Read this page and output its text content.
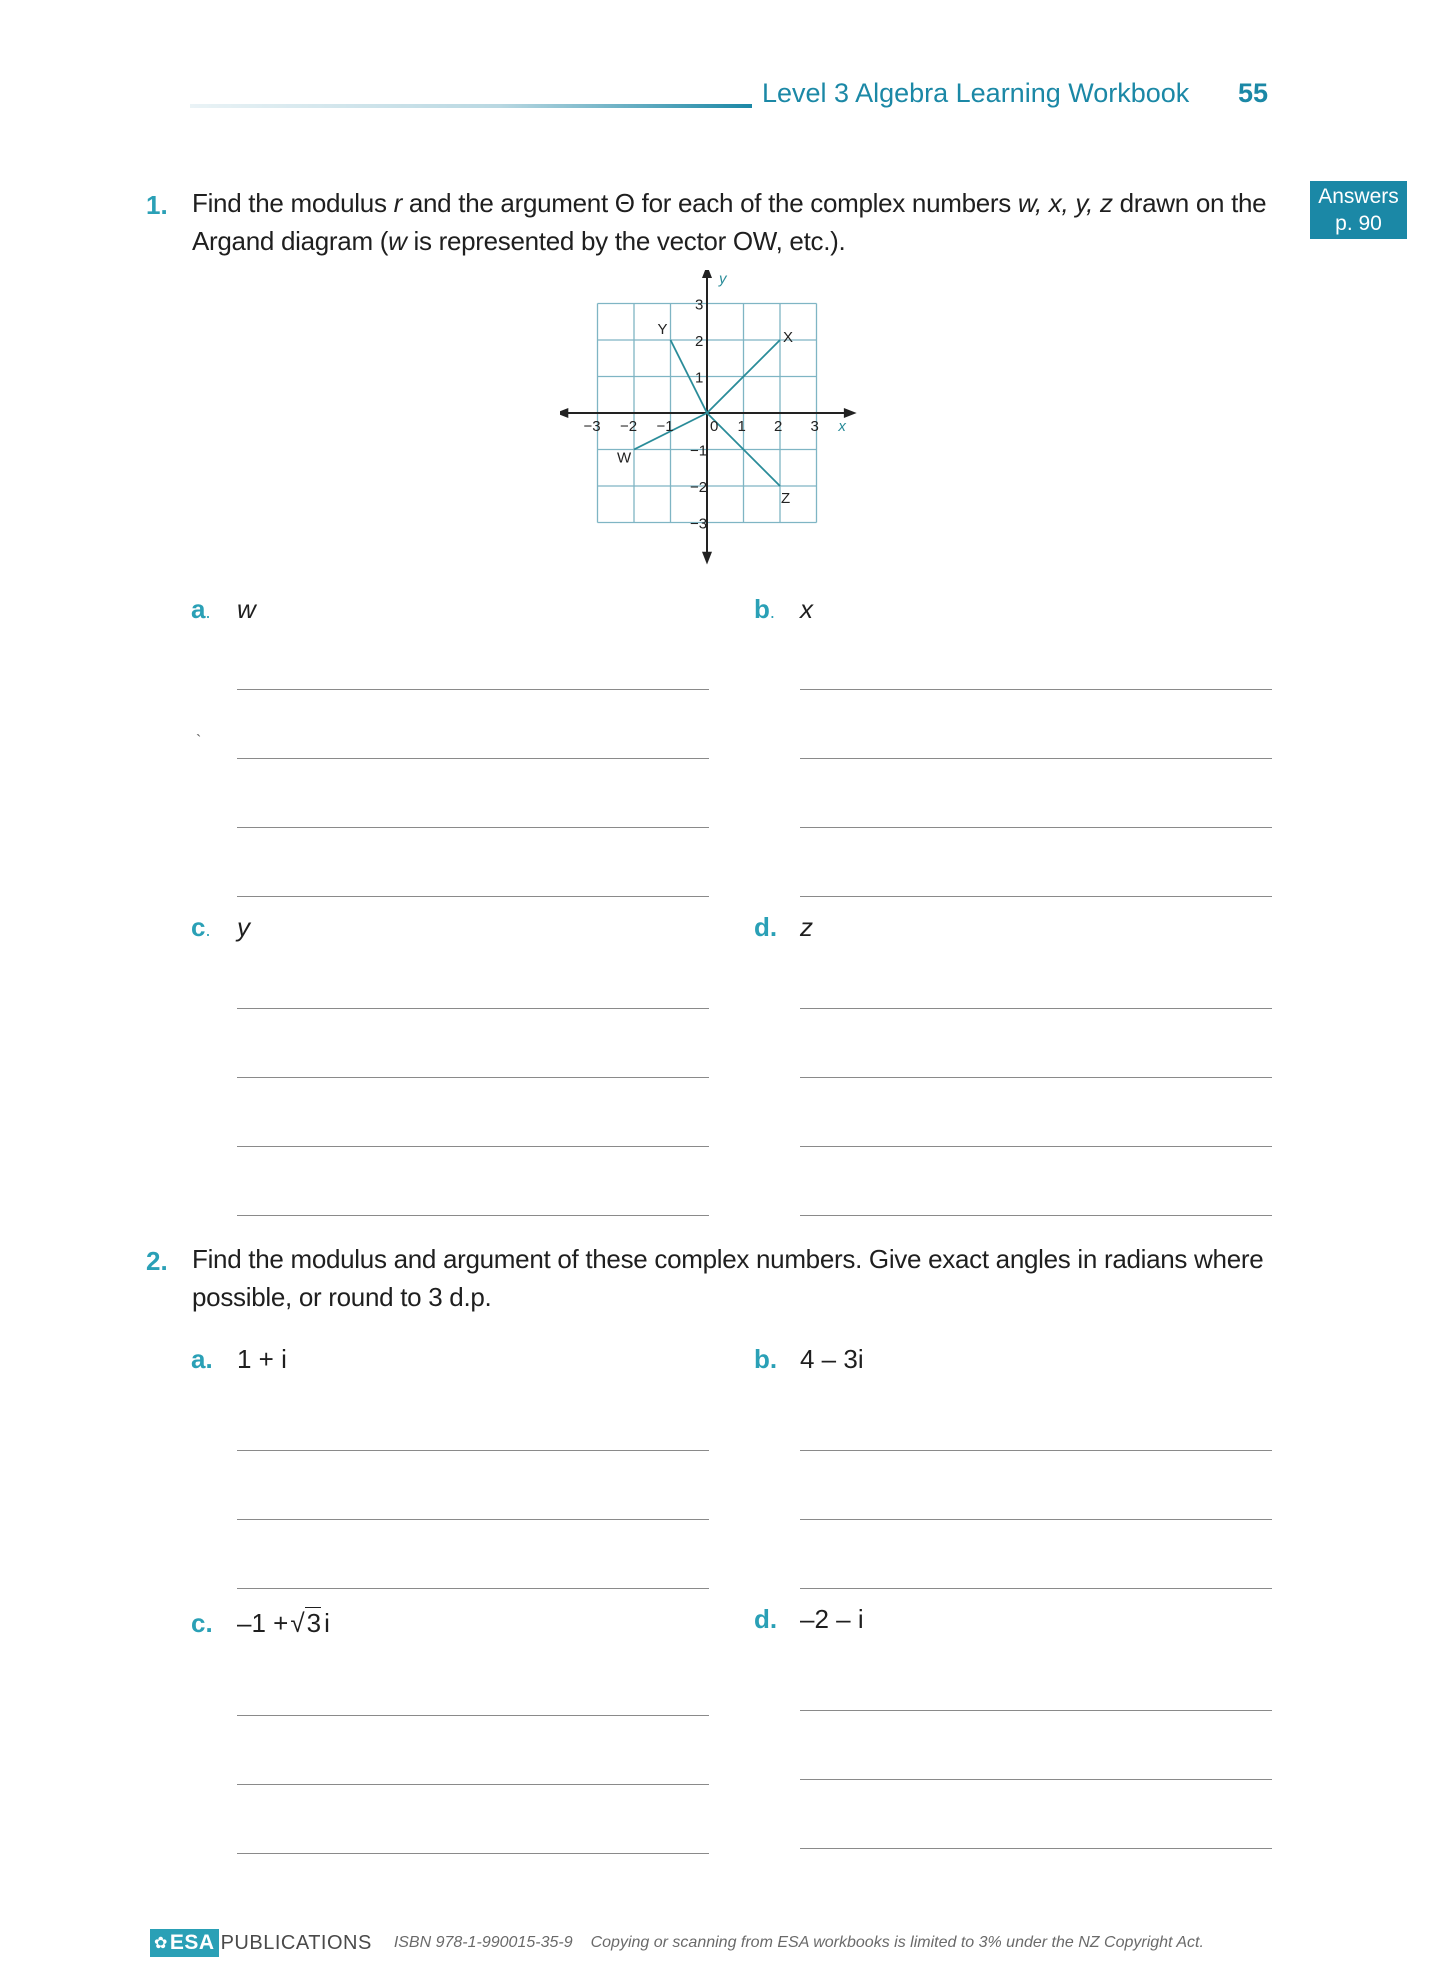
Level 3 Algebra Learning Workbook 55
Answers
p. 90
1. Find the modulus r and the argument Θ for each of the complex numbers w, x, y, z drawn on the
Argand diagram (w is represented by the vector OW, etc.).
−3 −2 −1 0 1 2 3
3
2
1
−1
−2
−3
x
y
W
X
Y
Z
a. w	b. x
c. y	d. z
`
2. Find the modulus and argument of these complex numbers. Give exact angles in radians where
possible, or round to 3 d.p.
a. 1 + i	b. 4 – 3i
c. –1 +√3 i	d. –2 – i
✿ ESA PUBLICATIONS ISBN 978-1-990015-35-9 Copying or scanning from ESA workbooks is limited to 3% under the NZ Copyright Act.
